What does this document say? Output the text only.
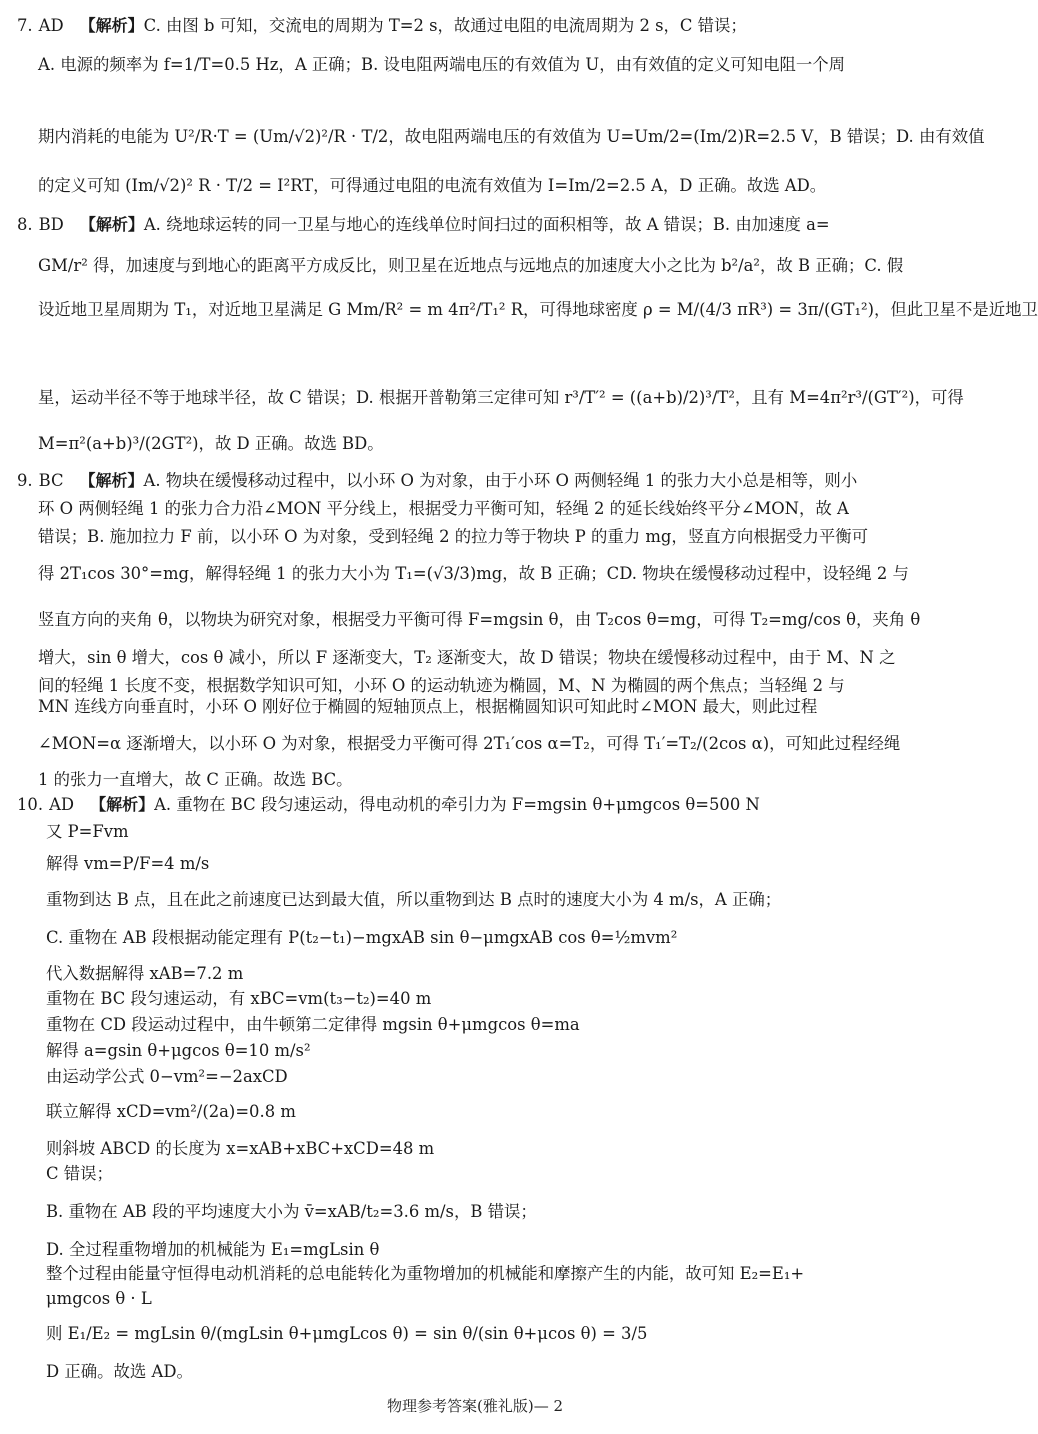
7. AD 【解析】C. 由图 b 可知，交流电的周期为 T=2 s，故通过电阻的电流周期为 2 s，C 错误；
A. 电源的频率为 f=1/T=0.5 Hz，A 正确；B. 设电阻两端电压的有效值为 U，由有效值的定义可知电阻一个周
期内消耗的电能为 U²/R·T = (Um/√2)²/R · T/2，故电阻两端电压的有效值为 U=Um/2=(Im/2)R=2.5 V，B 错误；D. 由有效值
的定义可知 (Im/√2)² R · T/2 = I²RT，可得通过电阻的电流有效值为 I=Im/2=2.5 A，D 正确。故选 AD。
8. BD 【解析】A. 绕地球运转的同一卫星与地心的连线单位时间扫过的面积相等，故 A 错误；B. 由加速度 a=
GM/r² 得，加速度与到地心的距离平方成反比，则卫星在近地点与远地点的加速度大小之比为 b²/a²，故 B 正确；C. 假
设近地卫星周期为 T₁，对近地卫星满足 G Mm/R² = m 4π²/T₁² R，可得地球密度 ρ = M/(4/3 πR³) = 3π/(GT₁²)，但此卫星不是近地卫
星，运动半径不等于地球半径，故 C 错误；D. 根据开普勒第三定律可知 r³/T′² = ((a+b)/2)³/T²，且有 M=4π²r³/(GT′²)，可得
M=π²(a+b)³/(2GT²)，故 D 正确。故选 BD。
9. BC 【解析】A. 物块在缓慢移动过程中，以小环 O 为对象，由于小环 O 两侧轻绳 1 的张力大小总是相等，则小
环 O 两侧轻绳 1 的张力合力沿∠MON 平分线上，根据受力平衡可知，轻绳 2 的延长线始终平分∠MON，故 A
错误；B. 施加拉力 F 前，以小环 O 为对象，受到轻绳 2 的拉力等于物块 P 的重力 mg，竖直方向根据受力平衡可
得 2T₁cos 30°=mg，解得轻绳 1 的张力大小为 T₁=(√3/3)mg，故 B 正确；CD. 物块在缓慢移动过程中，设轻绳 2 与
竖直方向的夹角 θ，以物块为研究对象，根据受力平衡可得 F=mgsin θ，由 T₂cos θ=mg，可得 T₂=mg/cos θ，夹角 θ
增大，sin θ 增大，cos θ 减小，所以 F 逐渐变大，T₂ 逐渐变大，故 D 错误；物块在缓慢移动过程中，由于 M、N 之
间的轻绳 1 长度不变，根据数学知识可知，小环 O 的运动轨迹为椭圆，M、N 为椭圆的两个焦点；当轻绳 2 与
MN 连线方向垂直时，小环 O 刚好位于椭圆的短轴顶点上，根据椭圆知识可知此时∠MON 最大，则此过程
∠MON=α 逐渐增大，以小环 O 为对象，根据受力平衡可得 2T₁′cos α=T₂，可得 T₁′=T₂/(2cos α)，可知此过程经绳
1 的张力一直增大，故 C 正确。故选 BC。
10. AD 【解析】A. 重物在 BC 段匀速运动，得电动机的牵引力为 F=mgsin θ+μmgcos θ=500 N
又 P=Fvm
解得 vm=P/F=4 m/s
重物到达 B 点，且在此之前速度已达到最大值，所以重物到达 B 点时的速度大小为 4 m/s，A 正确；
C. 重物在 AB 段根据动能定理有 P(t₂−t₁)−mgxAB sin θ−μmgxAB cos θ=½mvm²
代入数据解得 xAB=7.2 m
重物在 BC 段匀速运动，有 xBC=vm(t₃−t₂)=40 m
重物在 CD 段运动过程中，由牛顿第二定律得 mgsin θ+μmgcos θ=ma
解得 a=gsin θ+μgcos θ=10 m/s²
由运动学公式 0−vm²=−2axCD
联立解得 xCD=vm²/(2a)=0.8 m
则斜坡 ABCD 的长度为 x=xAB+xBC+xCD=48 m
C 错误；
B. 重物在 AB 段的平均速度大小为 v̄=xAB/t₂=3.6 m/s，B 错误；
D. 全过程重物增加的机械能为 E₁=mgLsin θ
整个过程由能量守恒得电动机消耗的总电能转化为重物增加的机械能和摩擦产生的内能，故可知 E₂=E₁+
μmgcos θ · L
则 E₁/E₂ = mgLsin θ/(mgLsin θ+μmgLcos θ) = sin θ/(sin θ+μcos θ) = 3/5
D 正确。故选 AD。
物理参考答案(雅礼版)— 2
